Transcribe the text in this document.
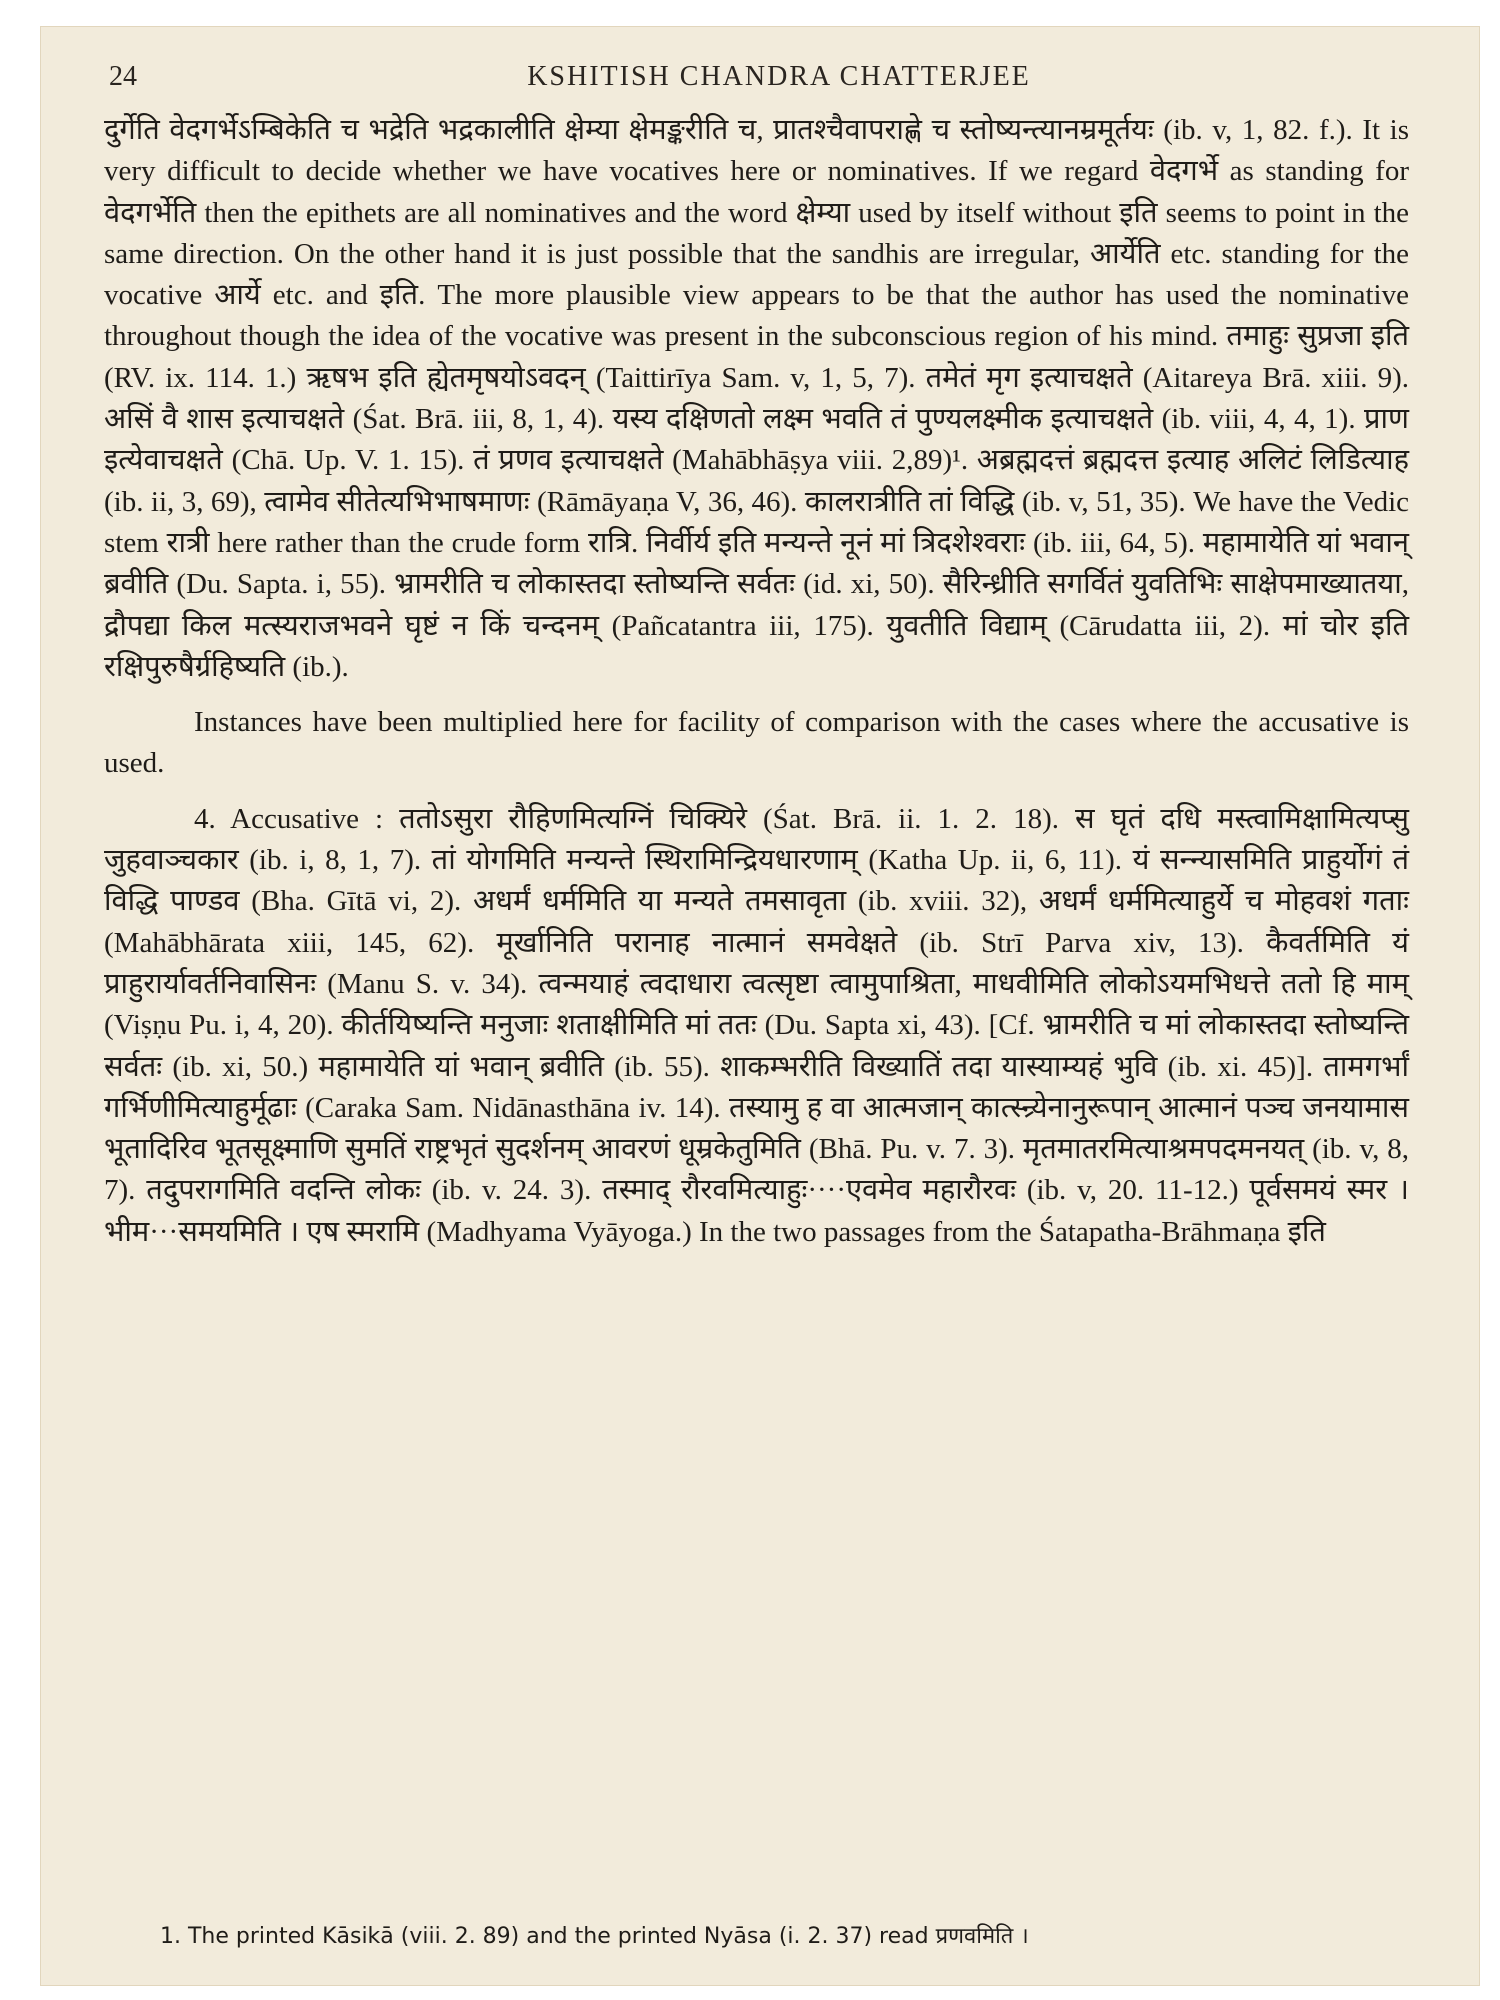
24	KSHITISH CHANDRA CHATTERJEE

दुर्गेति वेदगर्भेऽम्बिकेति च भद्रेति भद्रकालीति क्षेम्या क्षेमङ्करीति च, प्रातश्चैवापराह्णे च स्तोष्यन्त्यानम्रमूर्तयः (ib. v, 1, 82. f.). It is very difficult to decide whether we have vocatives here or nominatives. If we regard वेदगर्भे as standing for वेदगर्भेति then the epithets are all nominatives and the word क्षेम्या used by itself without इति seems to point in the same direction. On the other hand it is just possible that the sandhis are irregular, आर्येति etc. standing for the vocative आर्ये etc. and इति. The more plausible view appears to be that the author has used the nominative throughout though the idea of the vocative was present in the subconscious region of his mind. तमाहुः सुप्रजा इति (RV. ix. 114. 1.) ऋषभ इति ह्येतमृषयोऽवदन् (Taittirīya Sam. v, 1, 5, 7). तमेतं मृग इत्याचक्षते (Aitareya Brā. xiii. 9). असिं वै शास इत्याचक्षते (Śat. Brā. iii, 8, 1, 4). यस्य दक्षिणतो लक्ष्म भवति तं पुण्यलक्ष्मीक इत्याचक्षते (ib. viii, 4, 4, 1). प्राण इत्येवाचक्षते (Chā. Up. V. 1. 15). तं प्रणव इत्याचक्षते (Mahābhāṣya viii. 2,89)¹. अब्रह्मदत्तं ब्रह्मदत्त इत्याह अलिटं लिडित्याह (ib. ii, 3, 69), त्वामेव सीतेत्यभिभाषमाणः (Rāmāyaṇa V, 36, 46). कालरात्रीति तां विद्धि (ib. v, 51, 35). We have the Vedic stem रात्री here rather than the crude form रात्रि. निर्वीर्य इति मन्यन्ते नूनं मां त्रिदशेश्वराः (ib. iii, 64, 5). महामायेति यां भवान् ब्रवीति (Du. Sapta. i, 55). भ्रामरीति च लोकास्तदा स्तोष्यन्ति सर्वतः (id. xi, 50). सैरिन्ध्रीति सगर्वितं युवतिभिः साक्षेपमाख्यातया, द्रौपद्या किल मत्स्यराजभवने घृष्टं न किं चन्दनम् (Pañcatantra iii, 175). युवतीति विद्याम् (Cārudatta iii, 2). मां चोर इति रक्षिपुरुषैर्ग्रहिष्यति (ib.).

Instances have been multiplied here for facility of comparison with the cases where the accusative is used.

4. Accusative : ततोऽसुरा रौहिणमित्यग्निं चिक्यिरे (Śat. Brā. ii. 1. 2. 18). स घृतं दधि मस्त्वामिक्षामित्यप्सु जुहवाञ्चकार (ib. i, 8, 1, 7). तां योगमिति मन्यन्ते स्थिरामिन्द्रियधारणाम् (Katha Up. ii, 6, 11). यं सन्न्यासमिति प्राहुर्योगं तं विद्धि पाण्डव (Bha. Gītā vi, 2). अधर्मं धर्ममिति या मन्यते तमसावृता (ib. xviii. 32), अधर्मं धर्ममित्याहुर्ये च मोहवशं गताः (Mahābhārata xiii, 145, 62). मूर्खानिति परानाह नात्मानं समवेक्षते (ib. Strī Parva xiv, 13). कैवर्तमिति यं प्राहुरार्यावर्तनिवासिनः (Manu S. v. 34). त्वन्मयाहं त्वदाधारा त्वत्सृष्टा त्वामुपाश्रिता, माधवीमिति लोकोऽयमभिधत्ते ततो हि माम् (Viṣṇu Pu. i, 4, 20). कीर्तयिष्यन्ति मनुजाः शताक्षीमिति मां ततः (Du. Sapta xi, 43). [Cf. भ्रामरीति च मां लोकास्तदा स्तोष्यन्ति सर्वतः (ib. xi, 50.) महामायेति यां भवान् ब्रवीति (ib. 55). शाकम्भरीति विख्यातिं तदा यास्याम्यहं भुवि (ib. xi. 45)]. तामगर्भां गर्भिणीमित्याहुर्मूढाः (Caraka Sam. Nidānasthāna iv. 14). तस्यामु ह वा आत्मजान् कात्स्न्र्येनानुरूपान् आत्मानं पञ्च जनयामास भूतादिरिव भूतसूक्ष्माणि सुमतिं राष्ट्रभृतं सुदर्शनम् आवरणं धूम्रकेतुमिति (Bhā. Pu. v. 7. 3). मृतमातरमित्याश्रमपदमनयत् (ib. v, 8, 7). तदुपरागमिति वदन्ति लोकः (ib. v. 24. 3). तस्माद् रौरवमित्याहुः····एवमेव महारौरवः (ib. v, 20. 11-12.) पूर्वसमयं स्मर । भीम···समयमिति । एष स्मरामि (Madhyama Vyāyoga.) In the two passages from the Śatapatha-Brāhmaṇa इति

1. The printed Kāsikā (viii. 2. 89) and the printed Nyāsa (i. 2. 37) read प्रणवमिति ।
